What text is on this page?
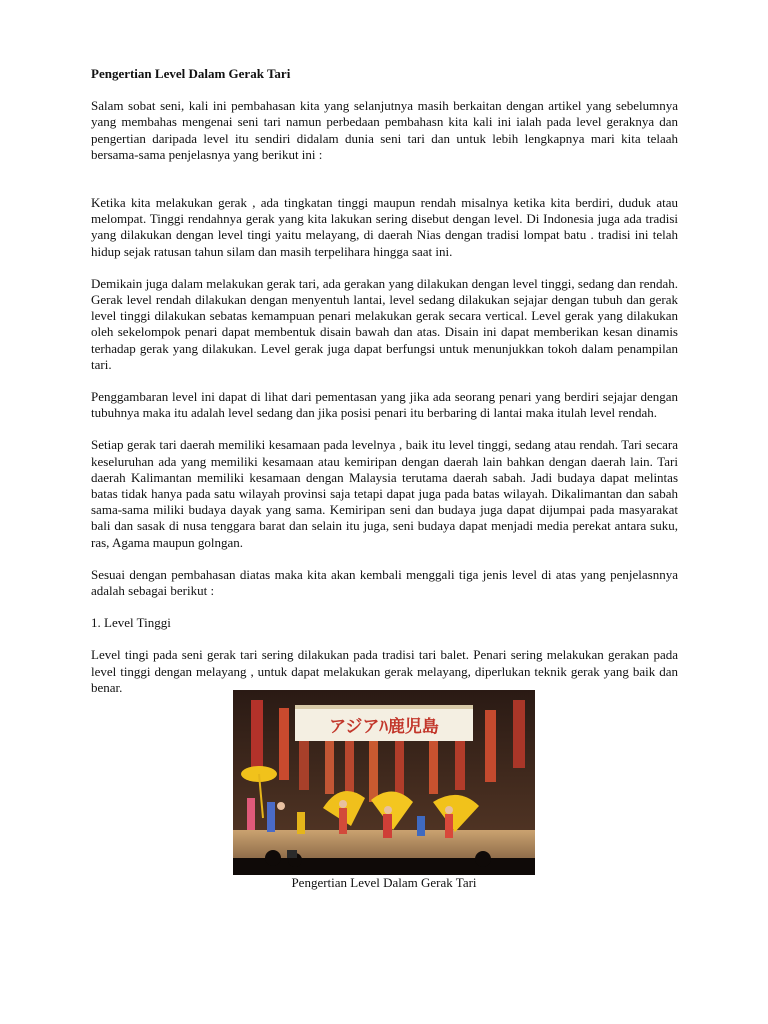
Pengertian Level Dalam Gerak Tari

Salam sobat seni, kali ini pembahasan kita yang selanjutnya masih berkaitan dengan artikel yang sebelumnya yang membahas mengenai seni tari namun perbedaan pembahasn kita kali ini ialah pada level geraknya dan pengertian daripada level itu sendiri didalam dunia seni tari dan untuk lebih lengkapnya mari kita telaah bersama-sama penjelasnya yang berikut ini :

Ketika kita melakukan gerak , ada tingkatan tinggi maupun rendah misalnya ketika kita berdiri, duduk atau melompat. Tinggi rendahnya gerak yang kita lakukan sering disebut dengan level. Di Indonesia juga ada tradisi yang dilakukan dengan level tingi yaitu melayang, di daerah Nias dengan tradisi lompat batu . tradisi ini telah hidup sejak ratusan tahun silam dan masih terpelihara hingga saat ini.

Demikain juga dalam melakukan gerak tari, ada gerakan yang dilakukan dengan level tinggi, sedang dan rendah. Gerak level rendah dilakukan dengan menyentuh lantai, level sedang dilakukan sejajar dengan tubuh dan gerak level tinggi dilakukan sebatas kemampuan penari melakukan gerak secara vertical. Level gerak yang dilakukan oleh sekelompok penari dapat membentuk disain bawah dan atas. Disain ini dapat memberikan kesan dinamis terhadap gerak yang dilakukan. Level gerak juga dapat berfungsi untuk menunjukkan tokoh dalam penampilan tari.

Penggambaran level ini dapat di lihat dari pementasan yang jika ada seorang penari yang berdiri sejajar dengan tubuhnya maka itu adalah level sedang dan jika posisi penari itu berbaring di lantai maka itulah level rendah.

Setiap gerak tari daerah memiliki kesamaan pada levelnya , baik itu level tinggi, sedang atau rendah. Tari secara keseluruhan ada yang memiliki kesamaan atau kemiripan dengan daerah lain bahkan dengan daerah lain. Tari daerah Kalimantan memiliki kesamaan dengan Malaysia terutama daerah sabah. Jadi budaya dapat melintas batas tidak hanya pada satu wilayah provinsi saja tetapi dapat juga pada batas wilayah. Dikalimantan dan sabah sama-sama miliki budaya dayak yang sama. Kemiripan seni dan budaya juga dapat dijumpai pada masyarakat bali dan sasak di nusa tenggara barat dan selain itu juga, seni budaya dapat menjadi media perekat antara suku, ras, Agama maupun golngan.

Sesuai dengan pembahasan diatas maka kita akan kembali menggali tiga jenis level di atas yang penjelasnnya adalah sebagai berikut :

1. Level Tinggi

Level tingi pada seni gerak tari sering dilakukan pada tradisi tari balet. Penari sering melakukan gerakan pada level tinggi dengan melayang , untuk dapat melakukan gerak melayang, diperlukan teknik gerak yang baik dan benar.

アジアﾊ鹿児島
Pengertian Level Dalam Gerak Tari
